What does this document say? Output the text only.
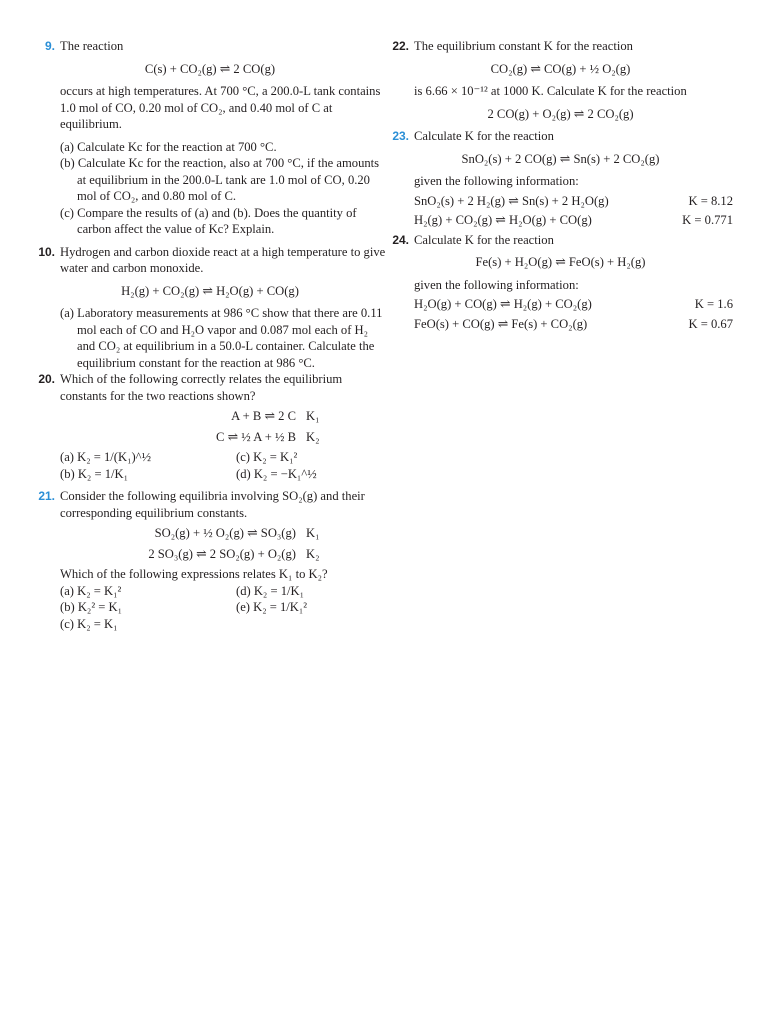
9. The reaction
C(s) + CO₂(g) ⇌ 2 CO(g)
occurs at high temperatures. At 700 °C, a 200.0-L tank contains 1.0 mol of CO, 0.20 mol of CO₂, and 0.40 mol of C at equilibrium.
(a) Calculate Kc for the reaction at 700 °C.
(b) Calculate Kc for the reaction, also at 700 °C, if the amounts at equilibrium in the 200.0-L tank are 1.0 mol of CO, 0.20 mol of CO₂, and 0.80 mol of C.
(c) Compare the results of (a) and (b). Does the quantity of carbon affect the value of Kc? Explain.
10. Hydrogen and carbon dioxide react at a high temperature to give water and carbon monoxide.
H₂(g) + CO₂(g) ⇌ H₂O(g) + CO(g)
(a) Laboratory measurements at 986 °C show that there are 0.11 mol each of CO and H₂O vapor and 0.087 mol each of H₂ and CO₂ at equilibrium in a 50.0-L container. Calculate the equilibrium constant for the reaction at 986 °C.
20. Which of the following correctly relates the equilibrium constants for the two reactions shown?
A + B ⇌ 2 C K₁
C ⇌ ½ A + ½ B K₂
(a) K₂ = 1/(K₁)^½	(c) K₂ = K₁²
(b) K₂ = 1/K₁	(d) K₂ = −K₁^½
21. Consider the following equilibria involving SO₂(g) and their corresponding equilibrium constants.
SO₂(g) + ½ O₂(g) ⇌ SO₃(g) K₁
2 SO₃(g) ⇌ 2 SO₂(g) + O₂(g) K₂
Which of the following expressions relates K₁ to K₂?
(a) K₂ = K₁²	(d) K₂ = 1/K₁
(b) K₂² = K₁	(e) K₂ = 1/K₁²
(c) K₂ = K₁
22. The equilibrium constant K for the reaction
CO₂(g) ⇌ CO(g) + ½ O₂(g)
is 6.66 × 10⁻¹² at 1000 K. Calculate K for the reaction
2 CO(g) + O₂(g) ⇌ 2 CO₂(g)
23. Calculate K for the reaction
SnO₂(s) + 2 CO(g) ⇌ Sn(s) + 2 CO₂(g)
given the following information:
SnO₂(s) + 2 H₂(g) ⇌ Sn(s) + 2 H₂O(g)	K = 8.12
H₂(g) + CO₂(g) ⇌ H₂O(g) + CO(g)	K = 0.771
24. Calculate K for the reaction
Fe(s) + H₂O(g) ⇌ FeO(s) + H₂(g)
given the following information:
H₂O(g) + CO(g) ⇌ H₂(g) + CO₂(g)	K = 1.6
FeO(s) + CO(g) ⇌ Fe(s) + CO₂(g)	K = 0.67
